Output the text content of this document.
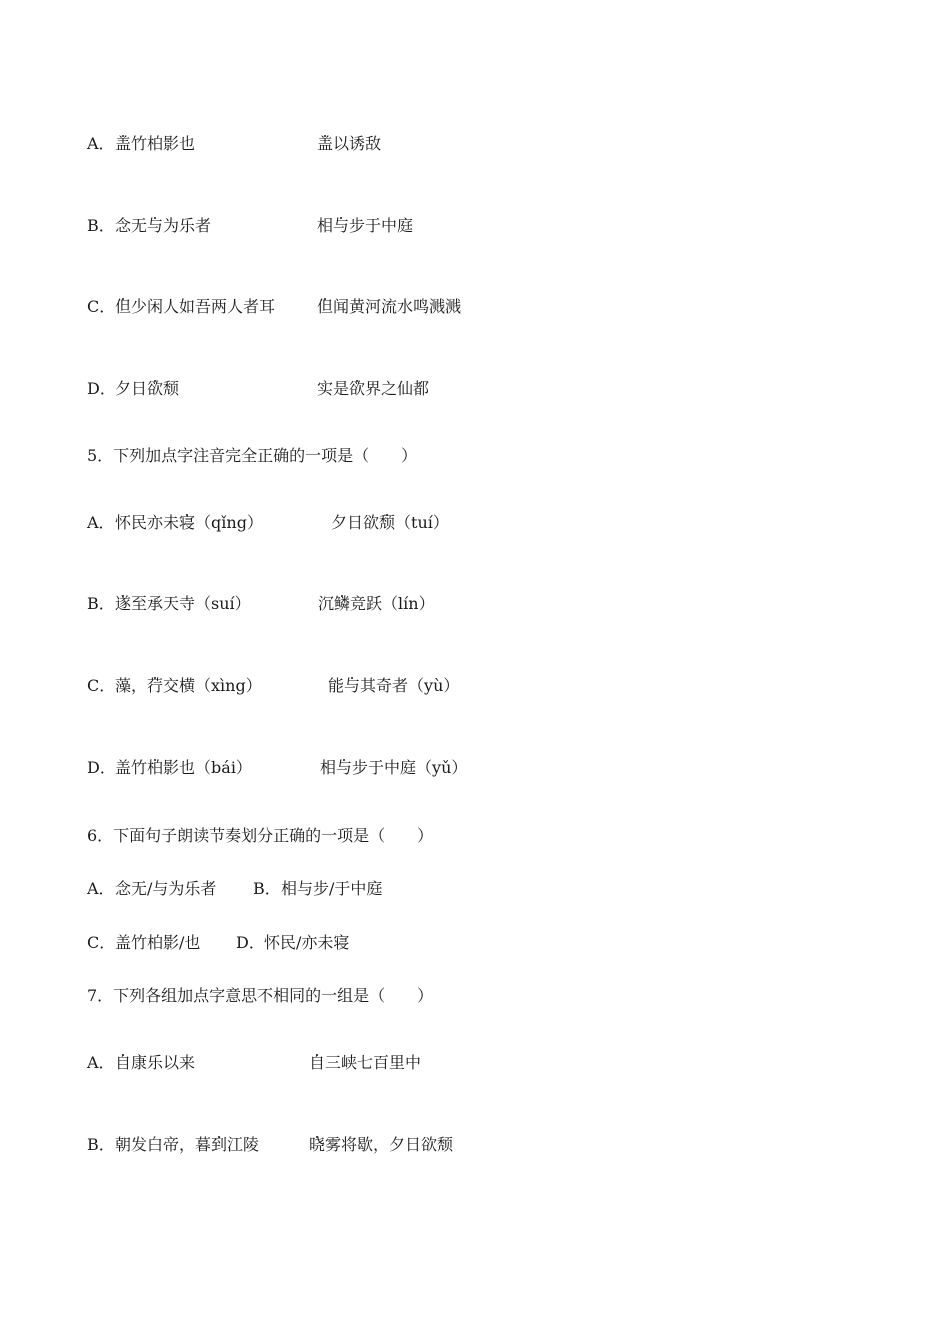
A． 盖竹柏影也	盖以诱敌
B． 念无与为乐者	相与步于中庭
C． 但少闲人如吾两人者耳	但闻黄河流水鸣溅溅
D． 夕日欲颓	实是欲界之仙都
5．下列加点字注音完全正确的一项是（　　）
A． 怀民亦未寝（qǐng）	夕日欲颓（tuí）
B． 遂至承天寺（suí）	沉鳞竞跃（lín）
C． 藻，荇交横（xìng）	能与其奇者（yù）
D． 盖竹柏影也（bái）	相与步于中庭（yǔ）
6．下面句子朗读节奏划分正确的一项是（　　）
A． 念无/与为乐者 B． 相与步/于中庭
C． 盖竹柏影/也 D． 怀民/亦未寝
7．下列各组加点字意思不相同的一组是（　　）
A． 自康乐以来	自三峡七百里中
B． 朝发白帝，暮到江陵	晓雾将歇，夕日欲颓
